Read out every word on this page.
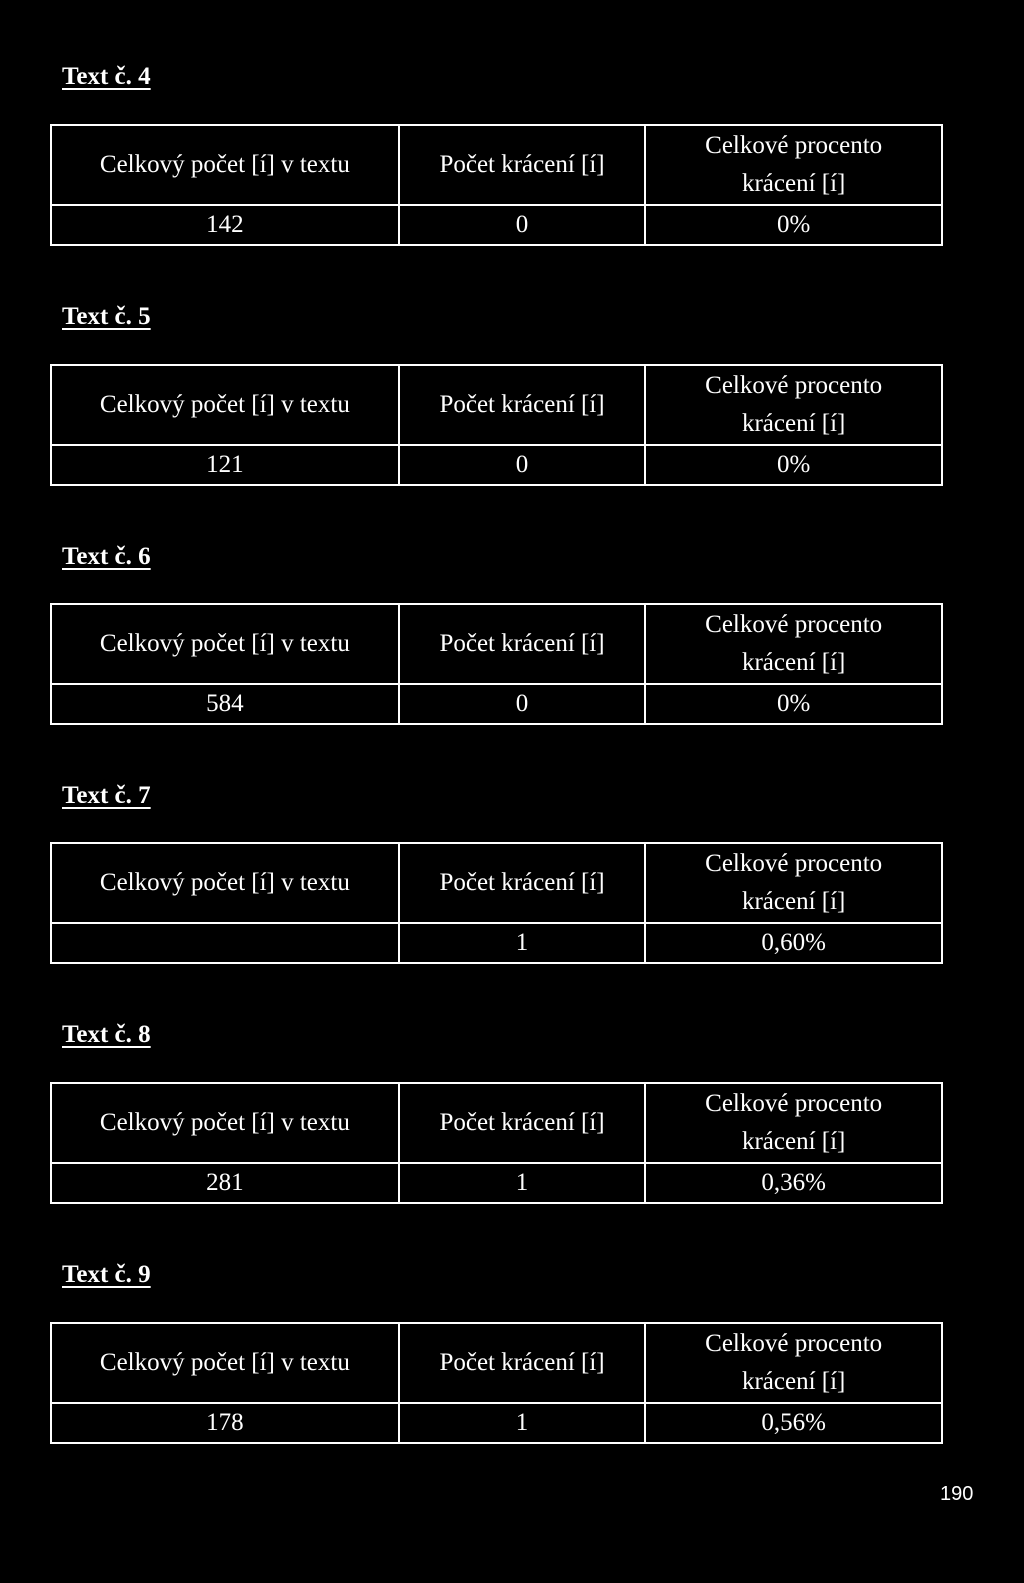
Text č. 4
Celkový počet [í] v textu	Počet krácení [í]	Celkové procento
krácení [í]

142	0	0%
Text č. 5
Celkový počet [í] v textu	Počet krácení [í]	Celkové procento
krácení [í]

121	0	0%
Text č. 6
Celkový počet [í] v textu	Počet krácení [í]	Celkové procento
krácení [í]

584	0	0%
Text č. 7
Celkový počet [í] v textu	Počet krácení [í]	Celkové procento
krácení [í]

	1	0,60%
Text č. 8
Celkový počet [í] v textu	Počet krácení [í]	Celkové procento
krácení [í]

281	1	0,36%
Text č. 9
Celkový počet [í] v textu	Počet krácení [í]	Celkové procento
krácení [í]

178	1	0,56%
190
